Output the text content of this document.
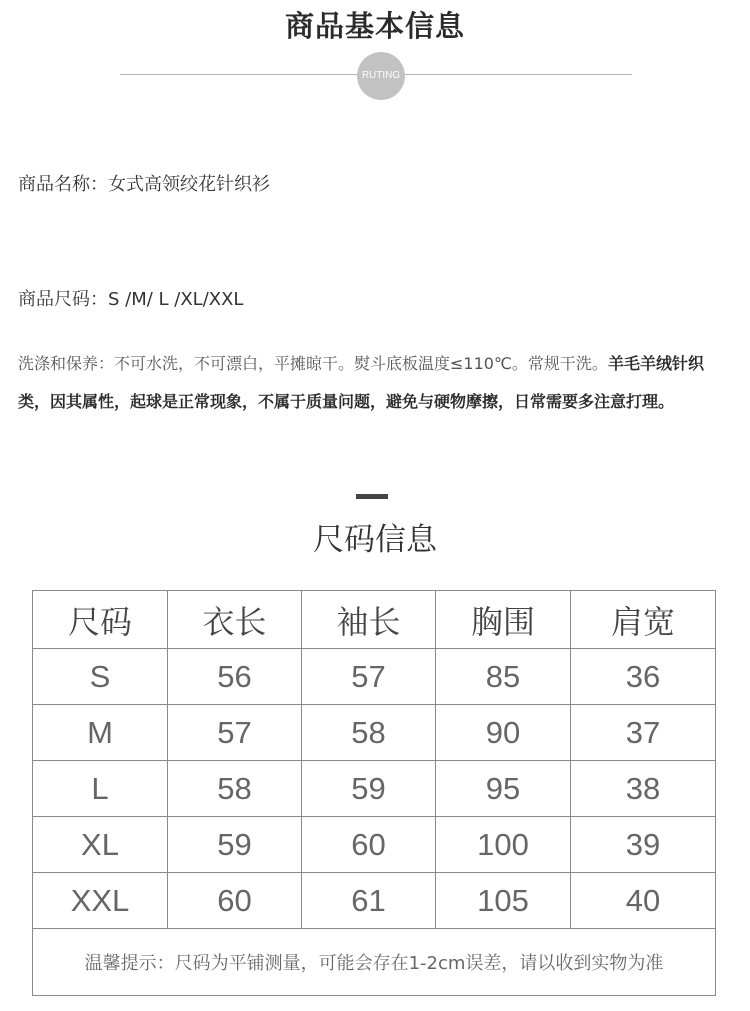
商品基本信息
RUTING
商品名称：女式高领绞花针织衫
商品尺码：S /M/ L /XL/XXL
洗涤和保养：不可水洗，不可漂白，平摊晾干。熨斗底板温度≤110℃。常规干洗。羊毛羊绒针织类，因其属性，起球是正常现象，不属于质量问题，避免与硬物摩擦，日常需要多注意打理。
尺码信息
尺码	衣长	袖长	胸围	肩宽
S	56	57	85	36
M	57	58	90	37
L	58	59	95	38
XL	59	60	100	39
XXL	60	61	105	40
温馨提示：尺码为平铺测量，可能会存在1-2cm误差，请以收到实物为准				
